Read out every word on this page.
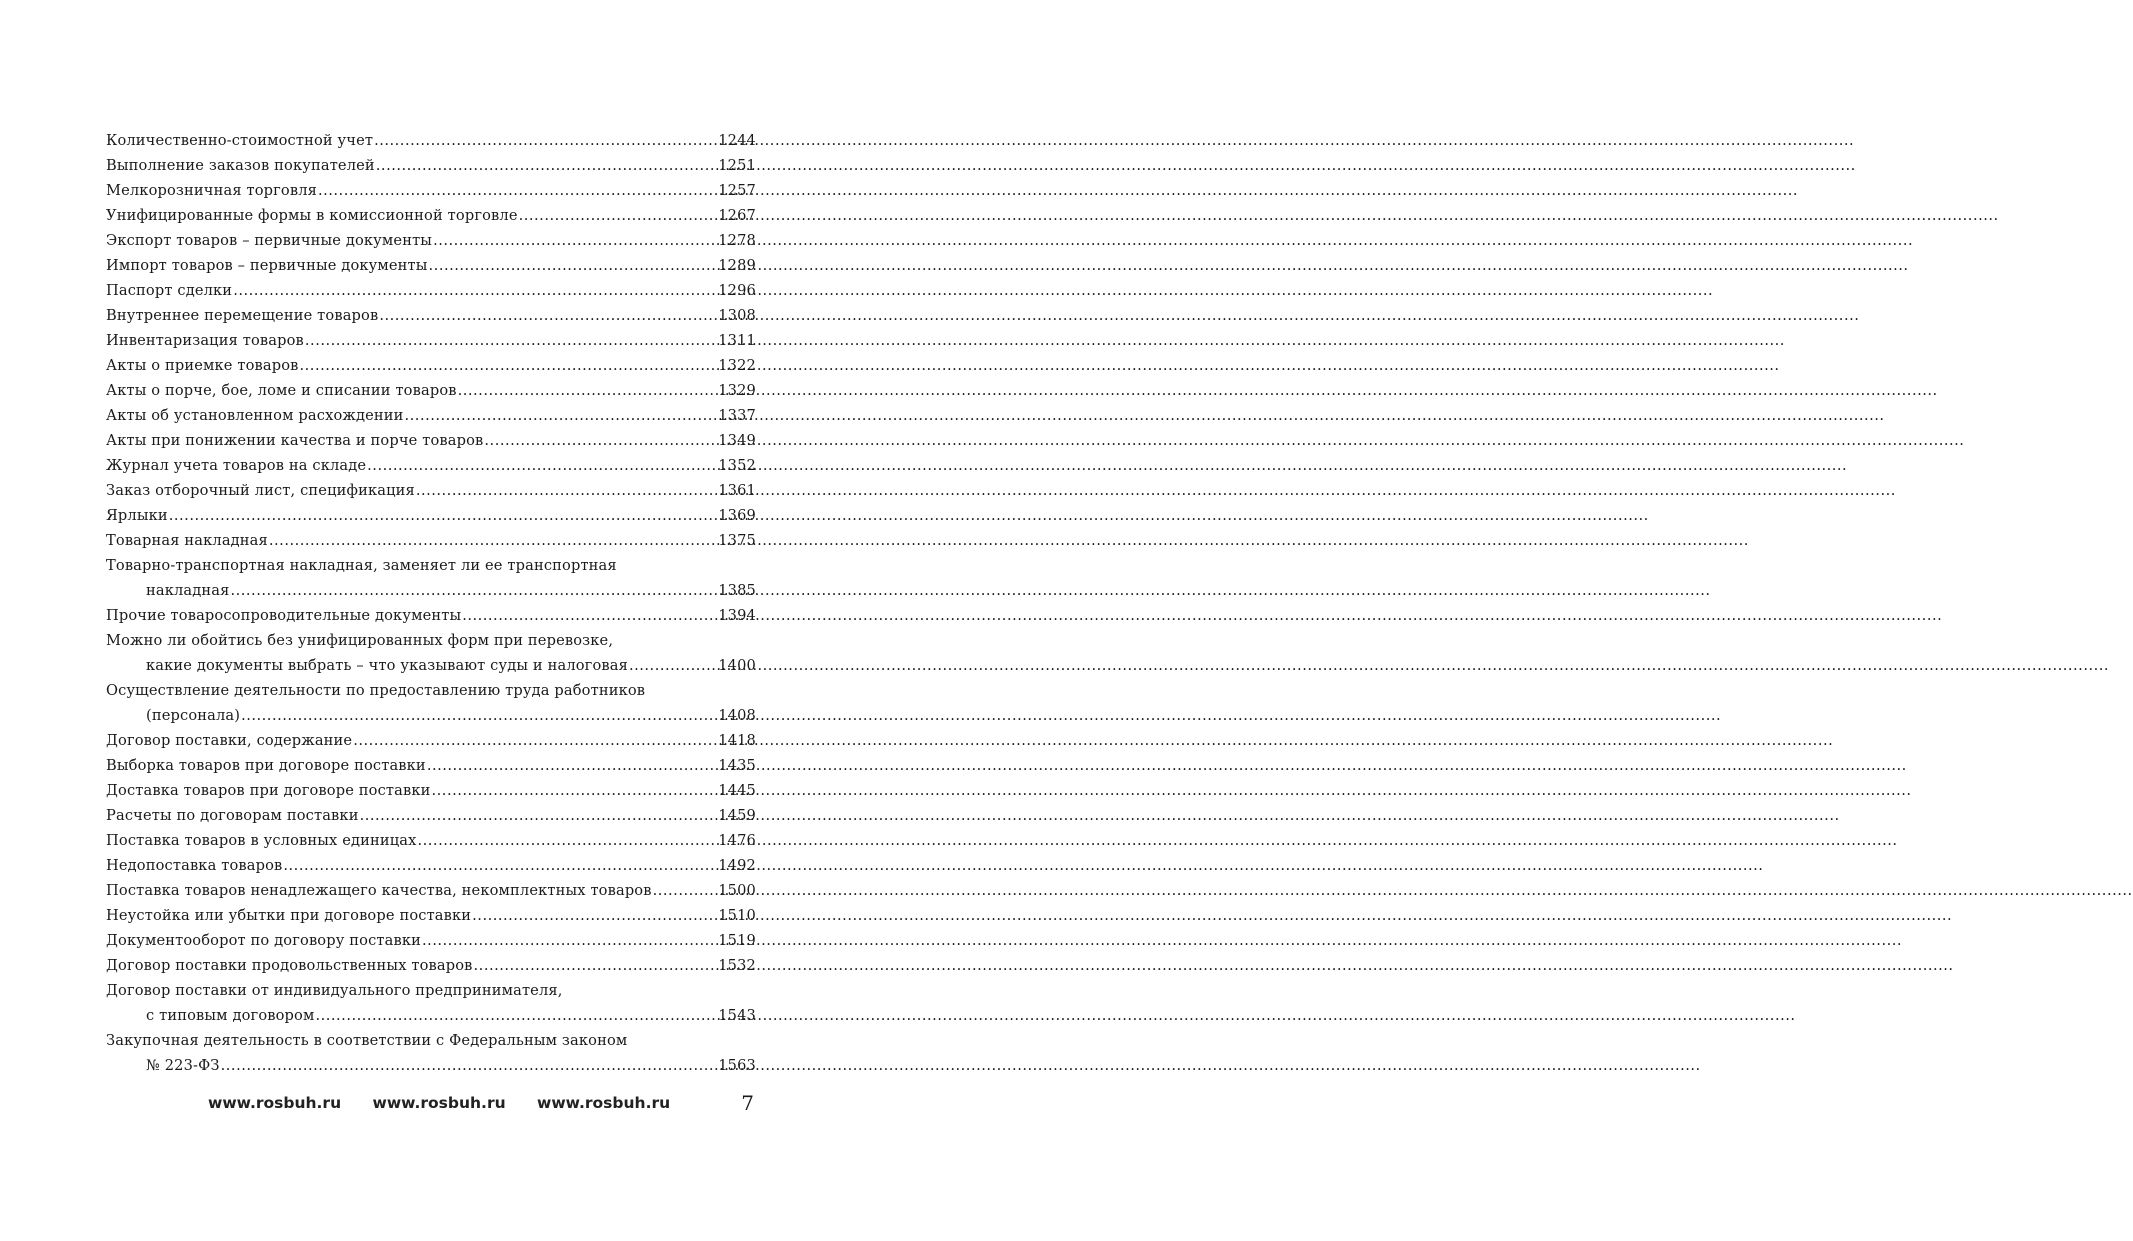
Количественно-стоимостной учет .....	1244
Выполнение заказов покупателей .....	1251
Мелкорозничная торговля .....	1257
Унифицированные формы в комиссионной торговле .....	1267
Экспорт товаров – первичные документы .....	1278
Импорт товаров – первичные документы .....	1289
Паспорт сделки .....	1296
Внутреннее перемещение товаров .....	1308
Инвентаризация товаров .....	1311
Акты о приемке товаров .....	1322
Акты о порче, бое, ломе и списании товаров .....	1329
Акты об установленном расхождении .....	1337
Акты при понижении качества и порче товаров .....	1349
Журнал учета товаров на складе .....	1352
Заказ отборочный лист, спецификация .....	1361
Ярлыки .....	1369
Товарная накладная .....	1375
Товарно-транспортная накладная, заменяет ли ее транспортная
накладная .....	1385
Прочие товаросопроводительные документы .....	1394
Можно ли обойтись без унифицированных форм при перевозке,
какие документы выбрать – что указывают суды и налоговая .....	1400
Осуществление деятельности по предоставлению труда работников
(персонала) .....	1408
Договор поставки, содержание .....	1418
Выборка товаров при договоре поставки .....	1435
Доставка товаров при договоре поставки .....	1445
Расчеты по договорам поставки .....	1459
Поставка товаров в условных единицах .....	1476
Недопоставка товаров .....	1492
Поставка товаров ненадлежащего качества, некомплектных товаров .....	1500
Неустойка или убытки при договоре поставки .....	1510
Документооборот по договору поставки .....	1519
Договор поставки продовольственных товаров .....	1532
Договор поставки от индивидуального предпринимателя,
с типовым договором .....	1543
Закупочная деятельность в соответствии с Федеральным законом
№ 223-ФЗ .....	1563
www.rosbuh.ru www.rosbuh.ru www.rosbuh.ru	7
